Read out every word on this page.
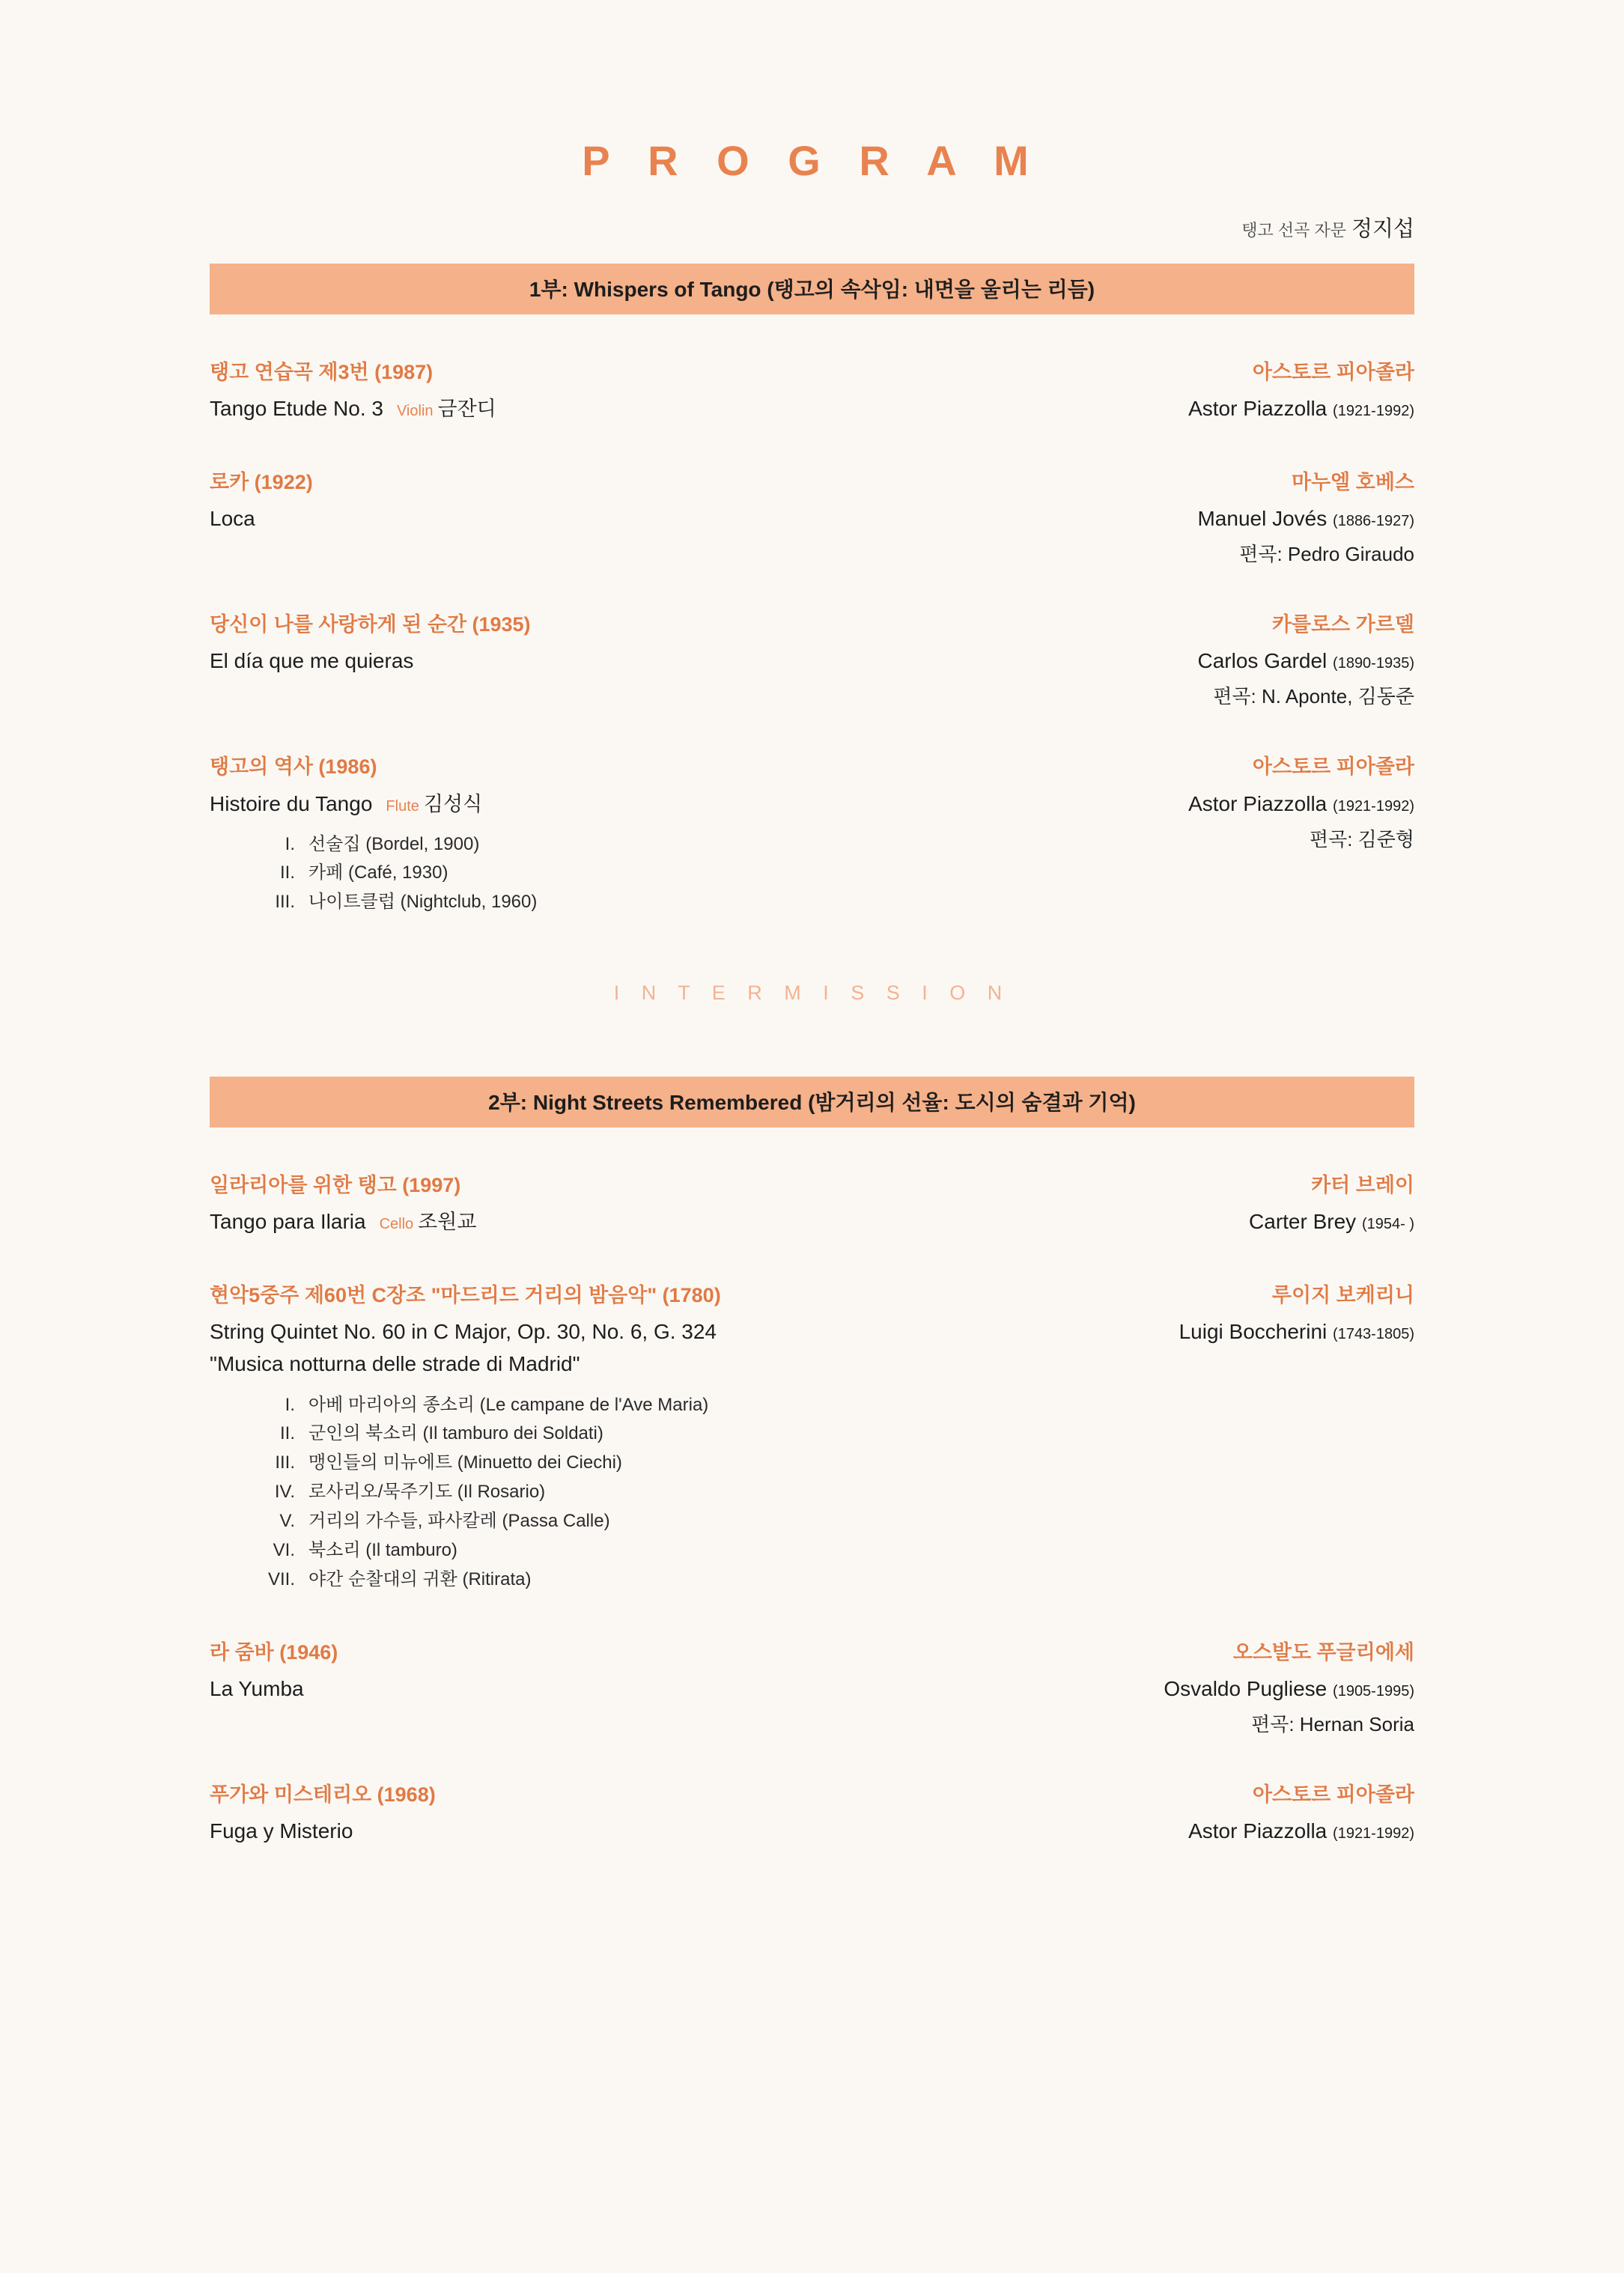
P R O G R A M
탱고 선곡 자문 정지섭
1부: Whispers of Tango (탱고의 속삭임: 내면을 울리는 리듬)
탱고 연습곡 제3번 (1987)
Tango Etude No. 3 Violin 금잔디
아스토르 피아졸라
Astor Piazzolla (1921-1992)
로카 (1922)
Loca
마누엘 호베스
Manuel Jovés (1886-1927)
편곡: Pedro Giraudo
당신이 나를 사랑하게 된 순간 (1935)
El día que me quieras
카를로스 가르델
Carlos Gardel (1890-1935)
편곡: N. Aponte, 김동준
탱고의 역사 (1986)
Histoire du Tango Flute 김성식
I. 선술집 (Bordel, 1900)
II. 카페 (Café, 1930)
III. 나이트클럽 (Nightclub, 1960)
아스토르 피아졸라
Astor Piazzolla (1921-1992)
편곡: 김준형
I N T E R M I S S I O N
2부: Night Streets Remembered (밤거리의 선율: 도시의 숨결과 기억)
일라리아를 위한 탱고 (1997)
Tango para Ilaria Cello 조원교
카터 브레이
Carter Brey (1954- )
현악5중주 제60번 C장조 "마드리드 거리의 밤음악" (1780)
String Quintet No. 60 in C Major, Op. 30, No. 6, G. 324
"Musica notturna delle strade di Madrid"
I. 아베 마리아의 종소리 (Le campane de l'Ave Maria)
II. 군인의 북소리 (Il tamburo dei Soldati)
III. 맹인들의 미뉴에트 (Minuetto dei Ciechi)
IV. 로사리오/묵주기도 (Il Rosario)
V. 거리의 가수들, 파사칼레 (Passa Calle)
VI. 북소리 (Il tamburo)
VII. 야간 순찰대의 귀환 (Ritirata)
루이지 보케리니
Luigi Boccherini (1743-1805)
라 줌바 (1946)
La Yumba
오스발도 푸글리에세
Osvaldo Pugliese (1905-1995)
편곡: Hernan Soria
푸가와 미스테리오 (1968)
Fuga y Misterio
아스토르 피아졸라
Astor Piazzolla (1921-1992)
